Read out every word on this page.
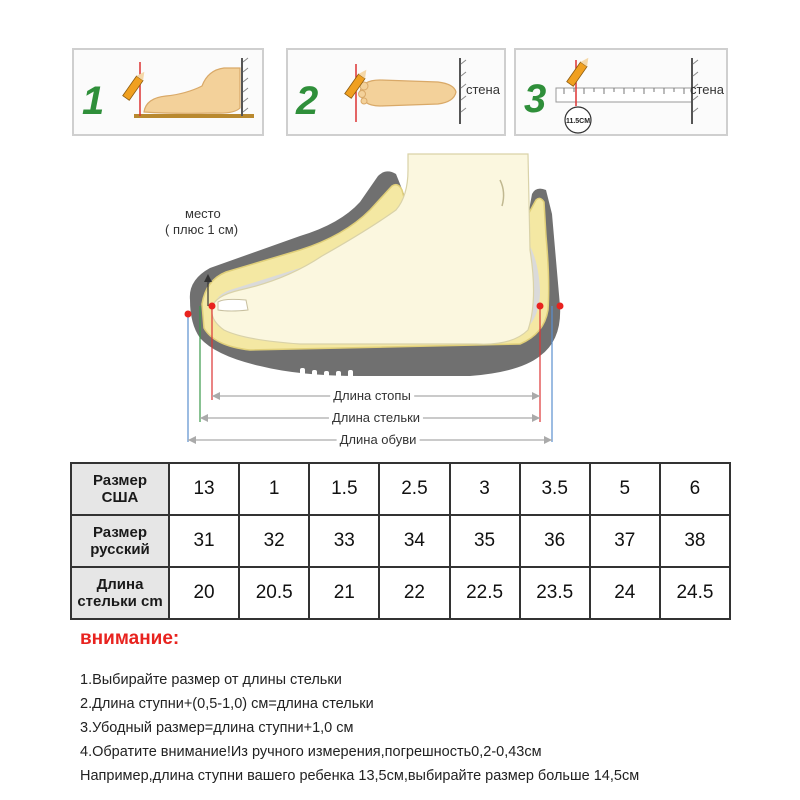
1	2	стена 3
11.5CM
стена
место
( плюс 1 см)
Длина стопы
Длина стельки
Длина обуви
Размер
США	13	1	1.5	2.5	3	3.5	5	6
Размер
русский	31	32	33	34	35	36	37	38
Длина
стельки cm	20	20.5	21	22	22.5	23.5	24	24.5
внимание:
1.Выбирайте размер от длины стельки
2.Длина ступни+(0,5-1,0) см=длина стельки
3.Убодный размер=длина ступни+1,0 см
4.Обратите внимание!Из ручного измерения,погрешность0,2-0,43см
Например,длина ступни вашего ребенка 13,5см,выбирайте размер больше 14,5см
